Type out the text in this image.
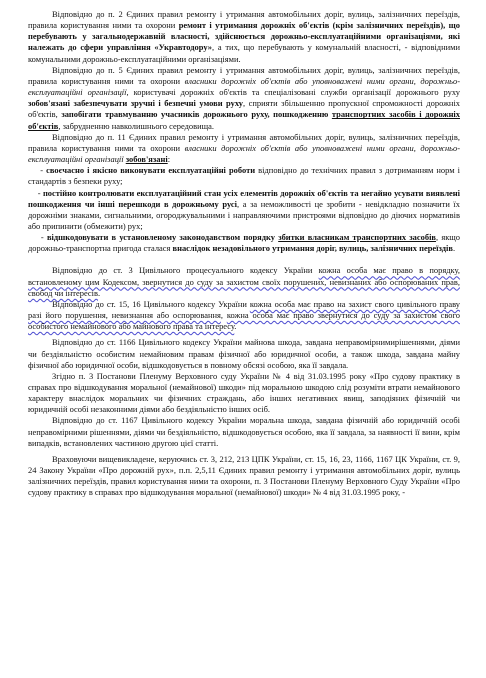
Відповідно до п. 2 Єдиних правил ремонту і утримання автомобільних доріг, вулиць, залізничних переїздів, правила користування ними та охорони ремонт і утримання дорожніх об'єктів (крім залізничних переїздів), що перебувають у загальнодержавній власності, здійснюється дорожньо-експлуатаційними організаціями, які належать до сфери управління «Укравтодору», а тих, що перебувають у комунальній власності, - відповідними комунальними дорожньо-експлуатаційними організаціями.

Відповідно до п. 5 Єдиних правил ремонту і утримання автомобільних доріг, вулиць, залізничних переїздів, правила користування ними та охорони власники дорожніх об'єктів або уповноважені ними органи, дорожньо-експлуатаційні організації, користувачі дорожніх об'єктів та спеціалізовані служби організації дорожнього руху зобов'язані забезпечувати зручні і безпечні умови руху, сприяти збільшенню пропускної спроможності дорожніх об'єктів, запобігати травмуванню учасників дорожнього руху, пошкодженню транспортних засобів і дорожніх об'єктів, забрудненню навколишнього середовища.

Відповідно до п. 11 Єдиних правил ремонту і утримання автомобільних доріг, вулиць, залізничних переїздів, правила користування ними та охорони власники дорожніх об'єктів або уповноважені ними органи, дорожньо-експлуатаційні організації зобов'язані:

- своєчасно і якісно виконувати експлуатаційні роботи відповідно до технічних правил з дотриманням норм і стандартів з безпеки руху;

- постійно контролювати експлуатаційний стан усіх елементів дорожніх об'єктів та негайно усувати виявлені пошкодження чи інші перешкоди в дорожньому русі, а за неможливості це зробити - невідкладно позначити їх дорожніми знаками, сигнальними, огороджувальними і направляючими пристроями відповідно до діючих нормативів або припинити (обмежити) рух;

- відшкодовувати в установленому законодавством порядку збитки власникам транспортних засобів, якщо дорожньо-транспортна пригода сталася внаслідок незадовільного утримання доріг, вулиць, залізничних переїздів.

Відповідно до ст. 3 Цивільного процесуального кодексу України кожна особа має право в порядку, встановленому цим Кодексом, звернутися до суду за захистом своїх порушених, невизнаних або оспорюваних прав, свобод чи інтересів.

Відповідно до ст. 15, 16 Цивільного кодексу України кожна особа має право на захист свого цивільного праву разі його порушення, невизнання або оспорювання, кожна особа має право звернутися до суду за захистом свого особистого немайнового або майнового права та інтересу.

Відповідно до ст. 1166 Цивільного кодексу України майнова шкода, завдана неправомірнимирішеннями, діями чи бездіяльністю особистим немайновим правам фізичної або юридичної особи, а також шкода, завдана майну фізичної або юридичної особи, відшкодовується в повному обсязі особою, яка її завдала.

Згідно п. 3 Постанови Пленуму Верховного суду України № 4 від 31.03.1995 року «Про судову практику в справах про відшкодування моральної (немайнової) шкоди» під моральною шкодою слід розуміти втрати немайнового характеру внаслідок моральних чи фізичних страждань, або інших негативних явищ, заподіяних фізичній чи юридичній особі незаконними діями або бездіяльністю інших осіб.

Відповідно до ст. 1167 Цивільного кодексу України моральна шкода, завдана фізичній або юридичній особі неправомірними рішеннями, діями чи бездіяльністю, відшкодовується особою, яка її завдала, за наявності її вини, крім випадків, встановлених частиною другою цієї статті.

Враховуючи вищевикладене, керуючись ст. 3, 212, 213 ЦПК України, ст. 15, 16, 23, 1166, 1167 ЦК України, ст. 9, 24 Закону України «Про дорожній рух», п.п. 2,5,11 Єдиних правил ремонту і утримання автомобільних доріг, вулиць залізничних переїздів, правил користування ними та охорони, п. 3 Постанови Пленуму Верховного Суду України «Про судову практику в справах про відшкодування моральної (немайнової) шкоди» № 4 від 31.03.1995 року, -
